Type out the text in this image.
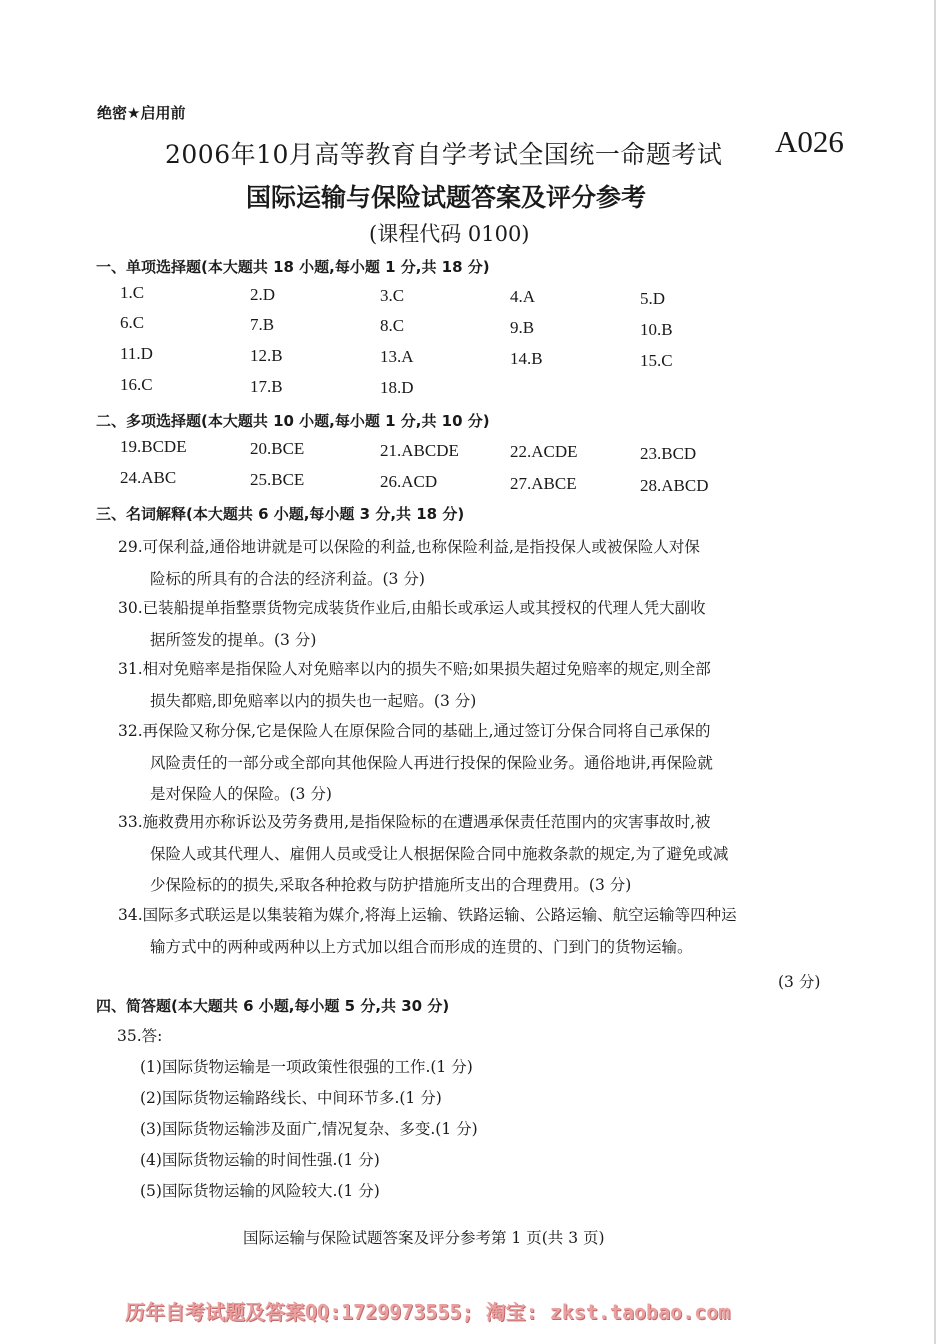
绝密★启用前
2006年10月高等教育自学考试全国统一命题考试 A026
国际运输与保险试题答案及评分参考
(课程代码 0100)
一、单项选择题(本大题共 18 小题,每小题 1 分,共 18 分)
1.C	2.D	3.C	4.A	5.D
6.C	7.B	8.C	9.B	10.B
11.D	12.B	13.A	14.B	15.C
16.C	17.B	18.D
二、多项选择题(本大题共 10 小题,每小题 1 分,共 10 分)
19.BCDE	20.BCE	21.ABCDE	22.ACDE	23.BCD
24.ABC	25.BCE	26.ACD	27.ABCE	28.ABCD
三、名词解释(本大题共 6 小题,每小题 3 分,共 18 分)
29.可保利益,通俗地讲就是可以保险的利益,也称保险利益,是指投保人或被保险人对保
险标的所具有的合法的经济利益。(3 分)
30.已装船提单指整票货物完成装货作业后,由船长或承运人或其授权的代理人凭大副收
据所签发的提单。(3 分)
31.相对免赔率是指保险人对免赔率以内的损失不赔;如果损失超过免赔率的规定,则全部
损失都赔,即免赔率以内的损失也一起赔。(3 分)
32.再保险又称分保,它是保险人在原保险合同的基础上,通过签订分保合同将自己承保的
风险责任的一部分或全部向其他保险人再进行投保的保险业务。通俗地讲,再保险就
是对保险人的保险。(3 分)
33.施救费用亦称诉讼及劳务费用,是指保险标的在遭遇承保责任范围内的灾害事故时,被
保险人或其代理人、雇佣人员或受让人根据保险合同中施救条款的规定,为了避免或减
少保险标的的损失,采取各种抢救与防护措施所支出的合理费用。(3 分)
34.国际多式联运是以集装箱为媒介,将海上运输、铁路运输、公路运输、航空运输等四种运
输方式中的两种或两种以上方式加以组合而形成的连贯的、门到门的货物运输。
(3 分)
四、简答题(本大题共 6 小题,每小题 5 分,共 30 分)
35.答:
(1)国际货物运输是一项政策性很强的工作.(1 分)
(2)国际货物运输路线长、中间环节多.(1 分)
(3)国际货物运输涉及面广,情况复杂、多变.(1 分)
(4)国际货物运输的时间性强.(1 分)
(5)国际货物运输的风险较大.(1 分)
国际运输与保险试题答案及评分参考第 1 页(共 3 页)
历年自考试题及答案QQ:1729973555; 淘宝: zkst.taobao.com
